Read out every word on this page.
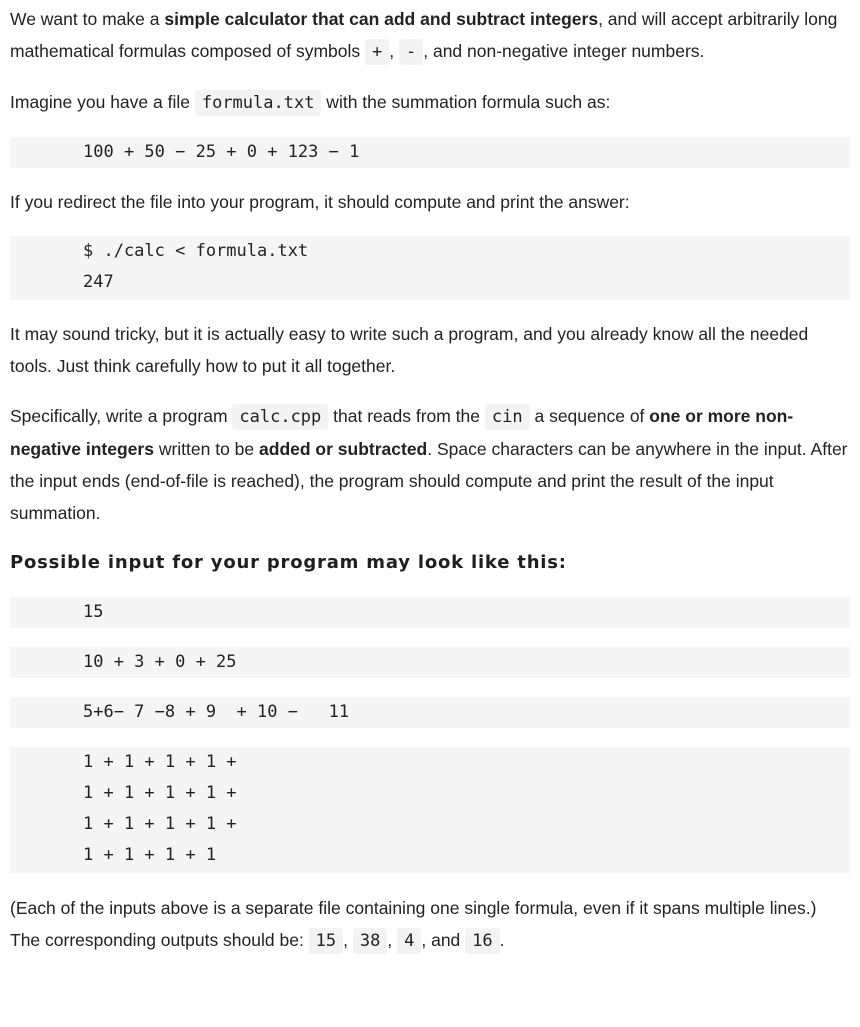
We want to make a simple calculator that can add and subtract integers, and will accept arbitrarily long mathematical formulas composed of symbols + , - , and non-negative integer numbers.

Imagine you have a file formula.txt with the summation formula such as:

100 + 50 − 25 + 0 + 123 − 1

If you redirect the file into your program, it should compute and print the answer:

$ ./calc < formula.txt
247

It may sound tricky, but it is actually easy to write such a program, and you already know all the needed tools. Just think carefully how to put it all together.

Specifically, write a program calc.cpp that reads from the cin a sequence of one or more non-negative integers written to be added or subtracted. Space characters can be anywhere in the input. After the input ends (end-of-file is reached), the program should compute and print the result of the input summation.

Possible input for your program may look like this:
15
10 + 3 + 0 + 25
5+6− 7 −8 + 9  + 10 −   11
1 + 1 + 1 + 1 +
1 + 1 + 1 + 1 +
1 + 1 + 1 + 1 +
1 + 1 + 1 + 1

(Each of the inputs above is a separate file containing one single formula, even if it spans multiple lines.)

The corresponding outputs should be: 15 , 38 , 4 , and 16 .
